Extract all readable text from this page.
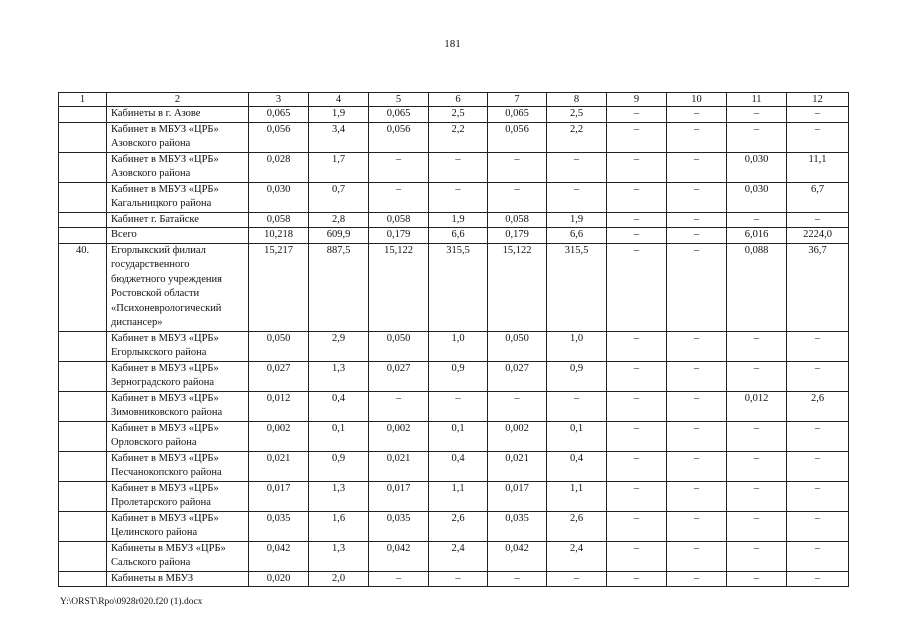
181
1	2	3	4	5	6	7	8	9	10	11	12
	Кабинеты в г. Азове	0,065	1,9	0,065	2,5	0,065	2,5	–	–	–	–
	Кабинет в МБУЗ «ЦРБ» Азовского района	0,056	3,4	0,056	2,2	0,056	2,2	–	–	–	–
	Кабинет в МБУЗ «ЦРБ» Азовского района	0,028	1,7	–	–	–	–	–	–	0,030	11,1
	Кабинет в МБУЗ «ЦРБ» Кагальницкого района	0,030	0,7	–	–	–	–	–	–	0,030	6,7
	Кабинет г. Батайске	0,058	2,8	0,058	1,9	0,058	1,9	–	–	–	–
	Всего	10,218	609,9	0,179	6,6	0,179	6,6	–	–	6,016	2224,0
40.	Егорлыкский филиал государственного бюджетного учреждения Ростовской области «Психоневрологический диспансер»	15,217	887,5	15,122	315,5	15,122	315,5	–	–	0,088	36,7
	Кабинет в МБУЗ «ЦРБ» Егорлыкского района	0,050	2,9	0,050	1,0	0,050	1,0	–	–	–	–
	Кабинет в МБУЗ «ЦРБ» Зерноградского района	0,027	1,3	0,027	0,9	0,027	0,9	–	–	–	–
	Кабинет в МБУЗ «ЦРБ» Зимовниковского района	0,012	0,4	–	–	–	–	–	–	0,012	2,6
	Кабинет в МБУЗ «ЦРБ» Орловского района	0,002	0,1	0,002	0,1	0,002	0,1	–	–	–	–
	Кабинет в МБУЗ «ЦРБ» Песчанокопского района	0,021	0,9	0,021	0,4	0,021	0,4	–	–	–	–
	Кабинет в МБУЗ «ЦРБ» Пролетарского района	0,017	1,3	0,017	1,1	0,017	1,1	–	–	–	–
	Кабинет в МБУЗ «ЦРБ» Целинского района	0,035	1,6	0,035	2,6	0,035	2,6	–	–	–	–
	Кабинеты в МБУЗ «ЦРБ» Сальского района	0,042	1,3	0,042	2,4	0,042	2,4	–	–	–	–
	Кабинеты в МБУЗ	0,020	2,0	–	–	–	–	–	–	–	–
Y:\ORST\Rpo\0928r020.f20 (1).docx
